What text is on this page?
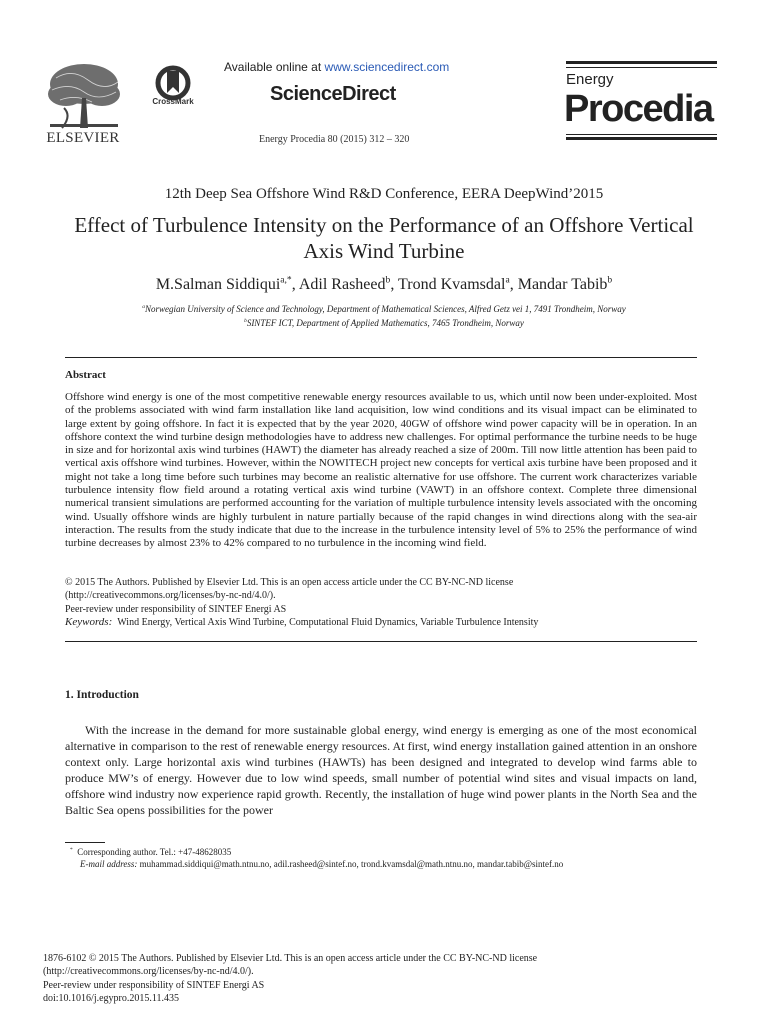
ELSEVIER
CrossMark
Available online at www.sciencedirect.com
ScienceDirect
Energy Procedia 80 (2015) 312 – 320
Energy
Procedia
12th Deep Sea Offshore Wind R&D Conference, EERA DeepWind’2015
Effect of Turbulence Intensity on the Performance of an Offshore Vertical Axis Wind Turbine
M.Salman Siddiqui$^{a,*}$, Adil Rasheed$^b$, Trond Kvamsdal$^a$, Mandar Tabib$^b$
$^a$Norwegian University of Science and Technology, Department of Mathematical Sciences, Alfred Getz vei 1, 7491 Trondheim, Norway
$^b$SINTEF ICT, Department of Applied Mathematics, 7465 Trondheim, Norway
Abstract
Offshore wind energy is one of the most competitive renewable energy resources available to us, which until now been under-exploited. Most of the problems associated with wind farm installation like land acquisition, low wind conditions and its visual impact can be eliminated to large extent by going offshore. In fact it is expected that by the year 2020, 40GW of offshore wind power capacity will be in operation. In an offshore context the wind turbine design methodologies have to address new challenges. For optimal performance the turbine needs to be huge in size and for horizontal axis wind turbines (HAWT) the diameter has already reached a size of 200m. Till now little attention has been paid to vertical axis offshore wind turbines. However, within the NOWITECH project new concepts for vertical axis turbine have been proposed and it might not take a long time before such turbines may become an realistic alternative for use offshore. The current work characterizes variable turbulence intensity flow field around a rotating vertical axis wind turbine (VAWT) in an offshore context. Complete three dimensional numerical transient simulations are performed accounting for the variation of multiple turbulence intensity levels associated with the oncoming wind. Usually offshore winds are highly turbulent in nature partially because of the rapid changes in wind directions along with the sea-air interaction. The results from the study indicate that due to the increase in the turbulence intensity level of 5% to 25% the performance of wind turbine decreases by almost 23% to 42% compared to no turbulence in the incoming wind field.
© 2015 The Authors. Published by Elsevier Ltd. This is an open access article under the CC BY-NC-ND license
(http://creativecommons.org/licenses/by-nc-nd/4.0/).
Peer-review under responsibility of SINTEF Energi AS
Keywords: Wind Energy, Vertical Axis Wind Turbine, Computational Fluid Dynamics, Variable Turbulence Intensity
1. Introduction
With the increase in the demand for more sustainable global energy, wind energy is emerging as one of the most economical alternative in comparison to the rest of renewable energy resources. At first, wind energy installation gained attention in an onshore context only. Large horizontal axis wind turbines (HAWTs) has been designed and integrated to develop wind farms able to produce MW’s of energy. However due to low wind speeds, small number of potential wind sites and visual impacts on land, offshore wind industry now experience rapid growth. Recently, the installation of huge wind power plants in the North Sea and the Baltic Sea opens possibilities for the power
* Corresponding author. Tel.: +47-48628035
E-mail address: muhammad.siddiqui@math.ntnu.no, adil.rasheed@sintef.no, trond.kvamsdal@math.ntnu.no, mandar.tabib@sintef.no
1876-6102 © 2015 The Authors. Published by Elsevier Ltd. This is an open access article under the CC BY-NC-ND license
(http://creativecommons.org/licenses/by-nc-nd/4.0/).
Peer-review under responsibility of SINTEF Energi AS
doi:10.1016/j.egypro.2015.11.435
